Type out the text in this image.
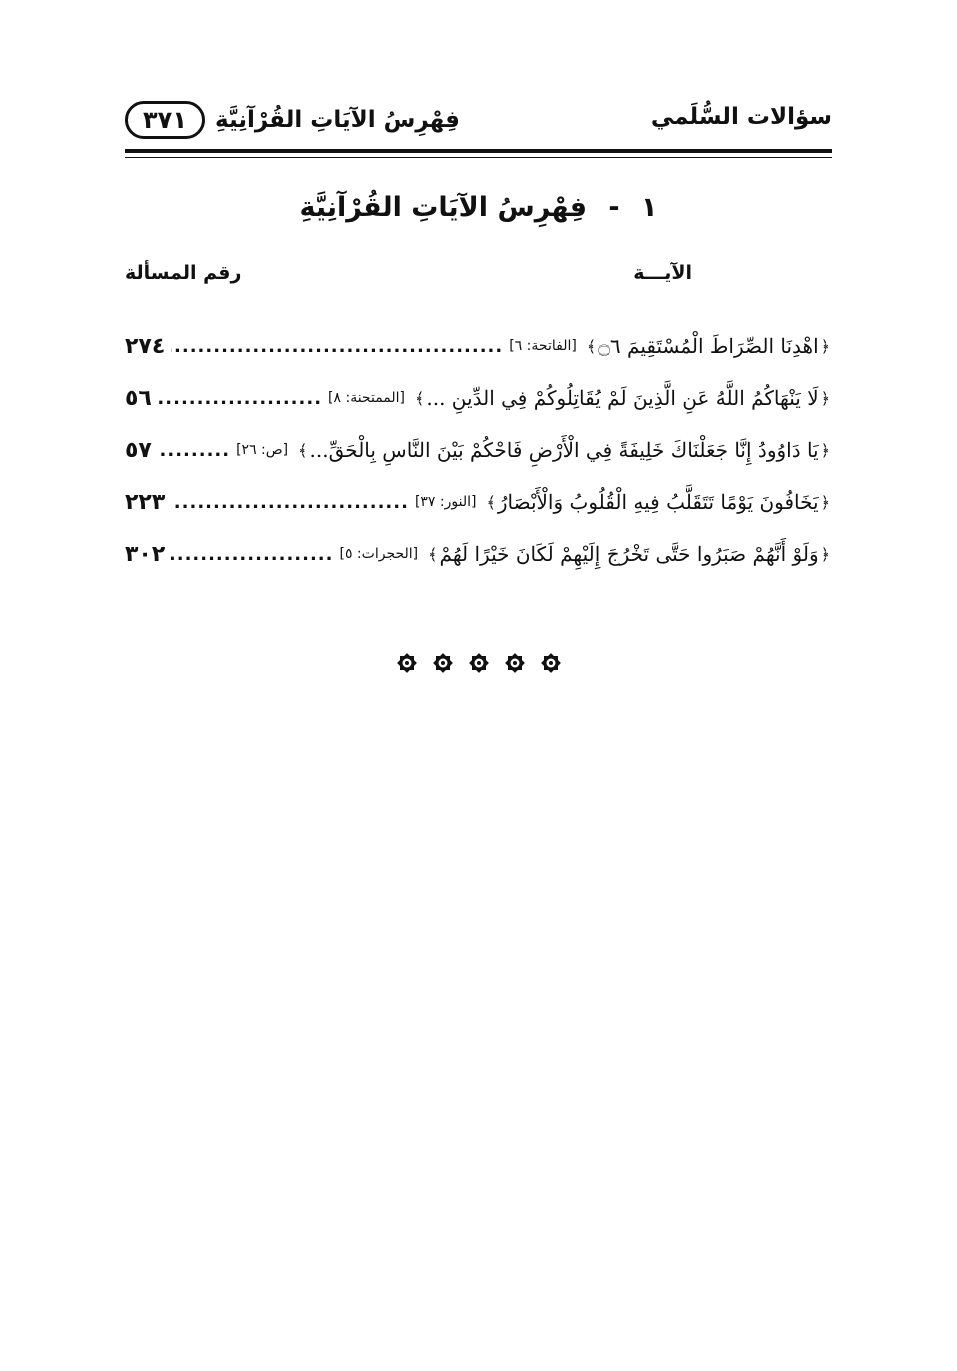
سؤالات السُّلَمي
فِهْرِسُ الآيَاتِ القُرْآنِيَّةِ
٣٧١
١ - فِهْرِسُ الآيَاتِ القُرْآنِيَّةِ
الآيـــة
رقم المسألة
﴿
اهْدِنَا الصِّرَاطَ الْمُسْتَقِيمَ ۝٦
﴾
[الفاتحة: ٦]
.....
٢٧٤
﴿
لَا يَنْهَاكُمُ اللَّهُ عَنِ الَّذِينَ لَمْ يُقَاتِلُوكُمْ فِي الدِّينِ ...
﴾
[الممتحنة: ٨]
.....
٥٦
﴿
يَا دَاوُودُ إِنَّا جَعَلْنَاكَ خَلِيفَةً فِي الْأَرْضِ فَاحْكُمْ بَيْنَ النَّاسِ بِالْحَقِّ...
﴾
[ص: ٢٦]
.....
٥٧
﴿
يَخَافُونَ يَوْمًا تَتَقَلَّبُ فِيهِ الْقُلُوبُ وَالْأَبْصَارُ
﴾
[النور: ٣٧]
.....
٢٢٣
﴿
وَلَوْ أَنَّهُمْ صَبَرُوا حَتَّى تَخْرُجَ إِلَيْهِمْ لَكَانَ خَيْرًا لَهُمْ
﴾
[الحجرات: ٥]
.....
٣٠٢
